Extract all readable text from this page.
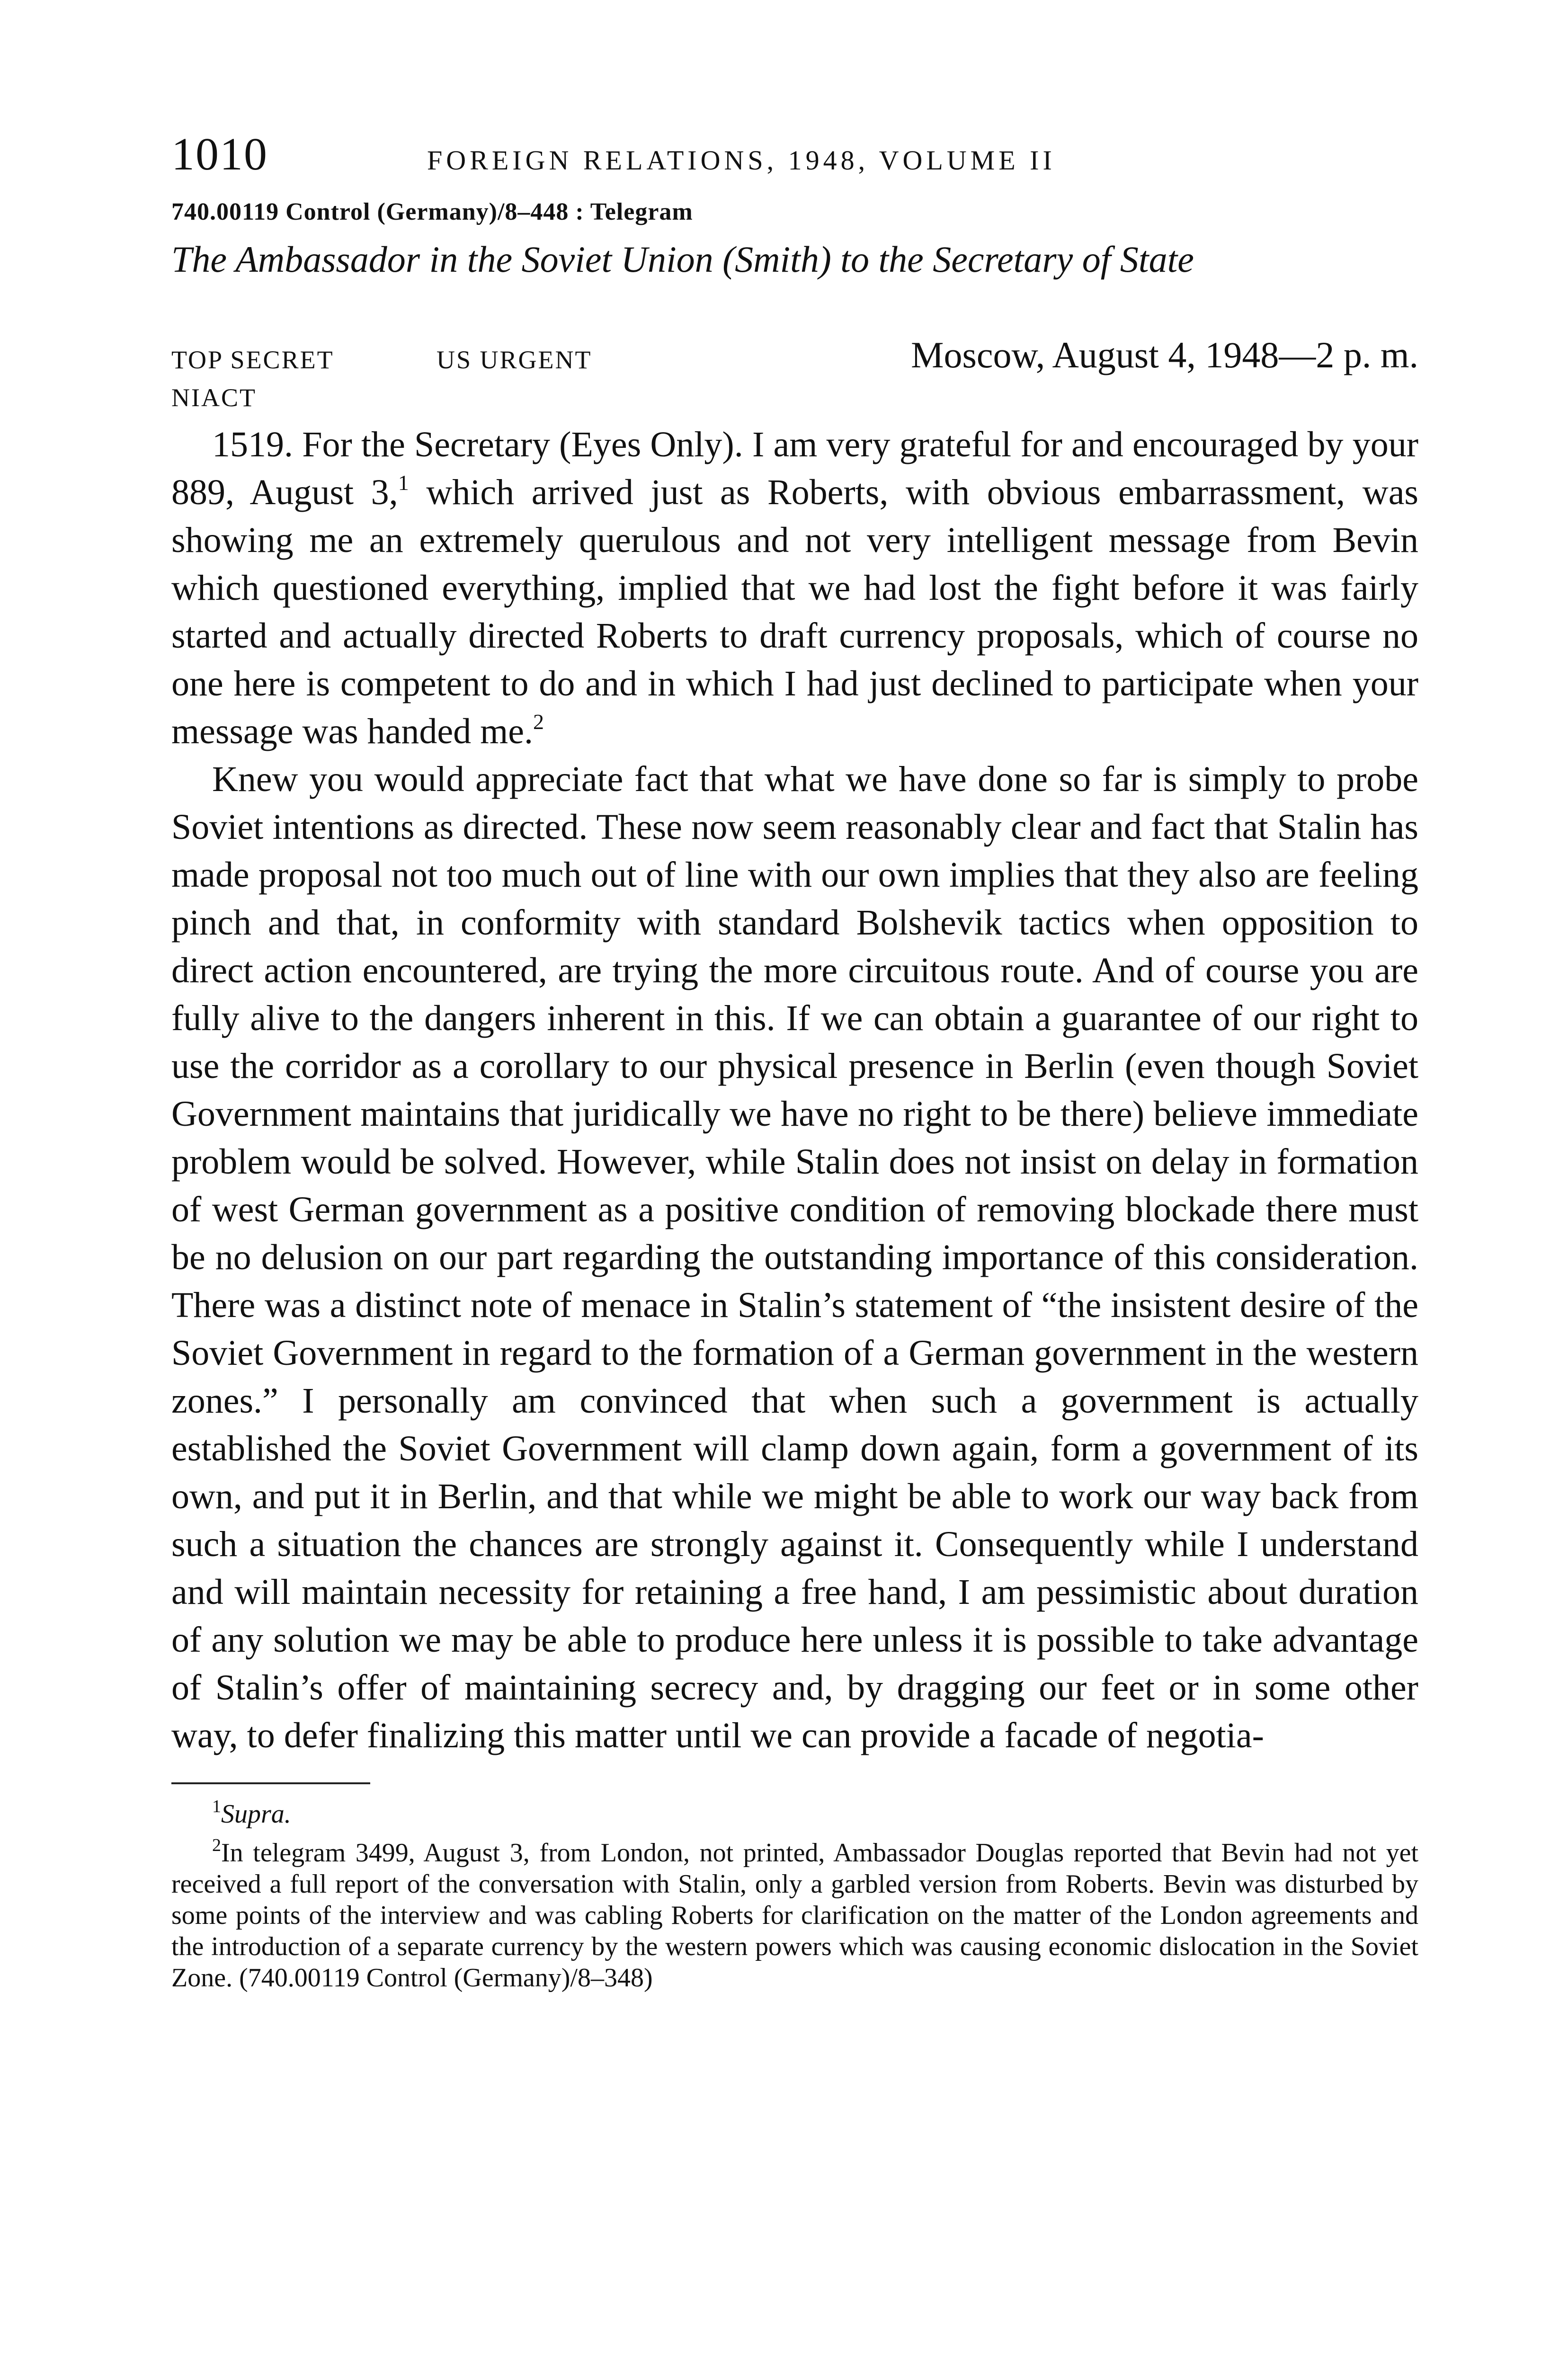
1010	FOREIGN RELATIONS, 1948, VOLUME II
740.00119 Control (Germany)/8–448 : Telegram
The Ambassador in the Soviet Union (Smith) to the Secretary of State
TOP SECRET	US URGENT	Moscow, August 4, 1948—2 p. m.
NIACT

1519. For the Secretary (Eyes Only). I am very grateful for and encouraged by your 889, August 3,$^1$ which arrived just as Roberts, with obvious embarrassment, was showing me an extremely querulous and not very intelligent message from Bevin which questioned everything, implied that we had lost the fight before it was fairly started and actually directed Roberts to draft currency proposals, which of course no one here is competent to do and in which I had just declined to participate when your message was handed me.$^2$

Knew you would appreciate fact that what we have done so far is simply to probe Soviet intentions as directed. These now seem reasonably clear and fact that Stalin has made proposal not too much out of line with our own implies that they also are feeling pinch and that, in conformity with standard Bolshevik tactics when opposition to direct action encountered, are trying the more circuitous route. And of course you are fully alive to the dangers inherent in this. If we can obtain a guarantee of our right to use the corridor as a corollary to our physical presence in Berlin (even though Soviet Government maintains that juridically we have no right to be there) believe immediate problem would be solved. However, while Stalin does not insist on delay in formation of west German government as a positive condition of removing blockade there must be no delusion on our part regarding the outstanding importance of this consideration. There was a distinct note of menace in Stalin’s statement of “the insistent desire of the Soviet Government in regard to the formation of a German government in the western zones.” I personally am convinced that when such a government is actually established the Soviet Government will clamp down again, form a government of its own, and put it in Berlin, and that while we might be able to work our way back from such a situation the chances are strongly against it. Consequently while I understand and will maintain necessity for retaining a free hand, I am pessimistic about duration of any solution we may be able to produce here unless it is possible to take advantage of Stalin’s offer of maintaining secrecy and, by dragging our feet or in some other way, to defer finalizing this matter until we can provide a facade of negotia-

$^1$Supra.

$^2$In telegram 3499, August 3, from London, not printed, Ambassador Douglas reported that Bevin had not yet received a full report of the conversation with Stalin, only a garbled version from Roberts. Bevin was disturbed by some points of the interview and was cabling Roberts for clarification on the matter of the London agreements and the introduction of a separate currency by the western powers which was causing economic dislocation in the Soviet Zone. (740.00119 Control (Germany)/8–348)
